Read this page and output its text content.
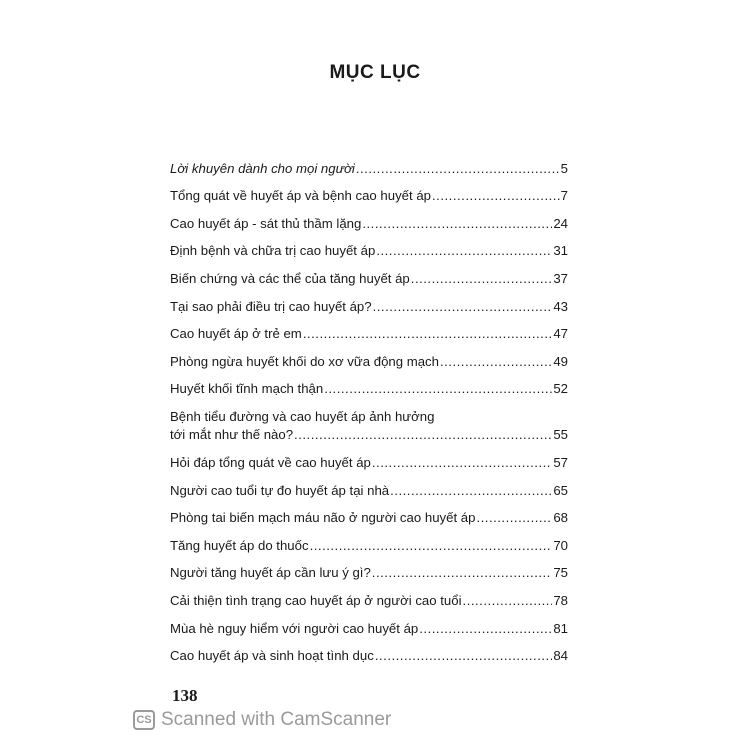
MỤC LỤC
Lời khuyên dành cho mọi người .....	5
Tổng quát về huyết áp và bệnh cao huyết áp .....	7
Cao huyết áp - sát thủ thầm lặng .....	24
Định bệnh và chữa trị cao huyết áp .....	31
Biến chứng và các thể của tăng huyết áp .....	37
Tại sao phải điều trị cao huyết áp? .....	43
Cao huyết áp ở trẻ em .....	47
Phòng ngừa huyết khối do xơ vữa động mạch .....	49
Huyết khối tĩnh mạch thận .....	52
Bệnh tiểu đường và cao huyết áp ảnh hưởng
tới mắt như thế nào? .....	55
Hỏi đáp tổng quát về cao huyết áp .....	57
Người cao tuổi tự đo huyết áp tại nhà .....	65
Phòng tai biến mạch máu não ở người cao huyết áp .....	68
Tăng huyết áp do thuốc .....	70
Người tăng huyết áp cần lưu ý gì? .....	75
Cải thiện tình trạng cao huyết áp ở người cao tuổi .....	78
Mùa hè nguy hiểm với người cao huyết áp .....	81
Cao huyết áp và sinh hoạt tình dục .....	84
138
CS Scanned with CamScanner
